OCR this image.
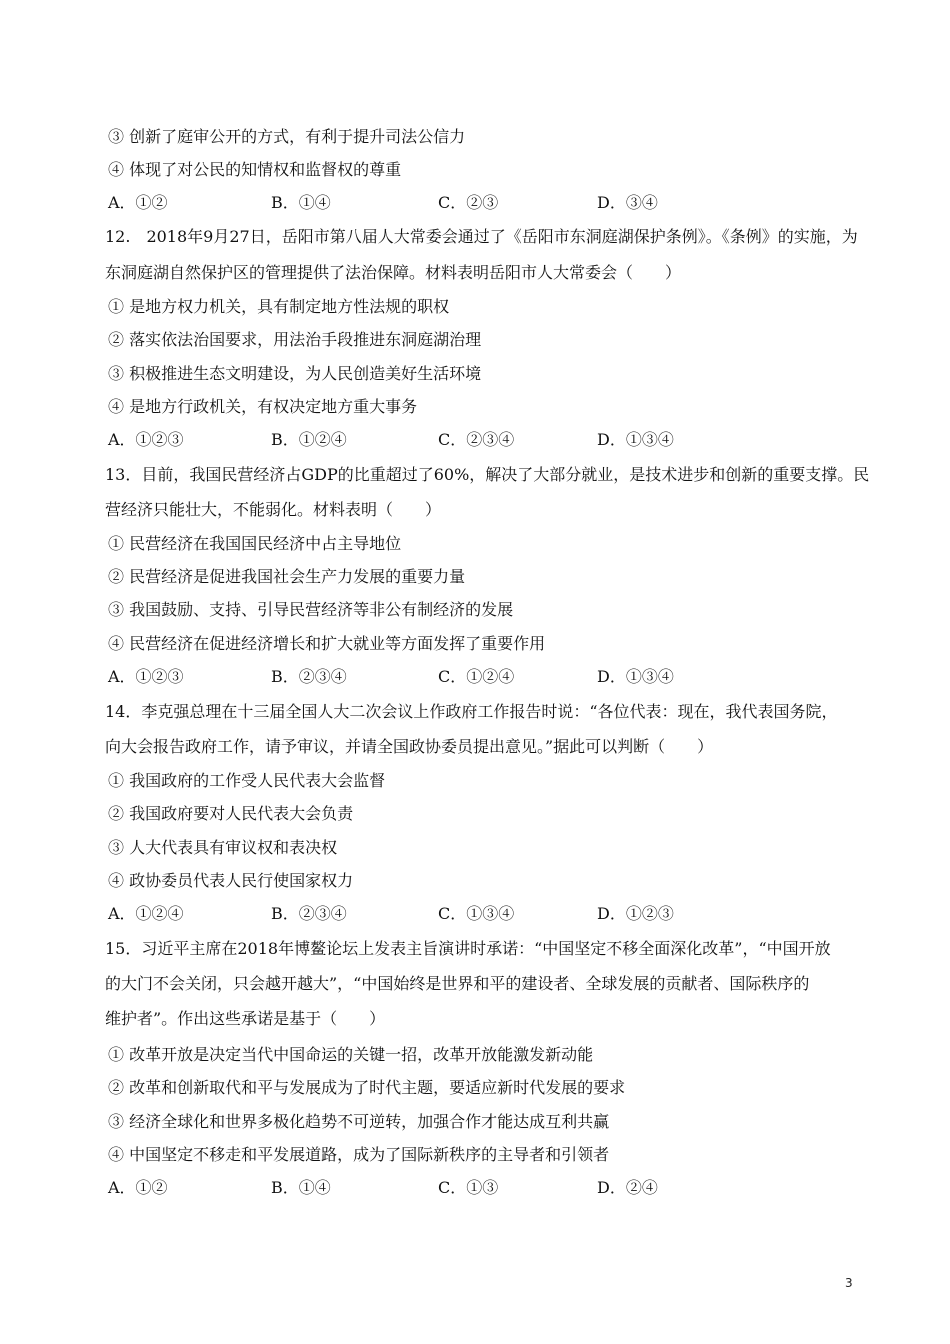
③ 创新了庭审公开的方式，有利于提升司法公信力
④ 体现了对公民的知情权和监督权的尊重
A．①②	B．①④	C．②③	D．③④
12.　2018年9月27日，岳阳市第八届人大常委会通过了《岳阳市东洞庭湖保护条例》。《条例》的实施，为
东洞庭湖自然保护区的管理提供了法治保障。材料表明岳阳市人大常委会（　　）
① 是地方权力机关，具有制定地方性法规的职权
② 落实依法治国要求，用法治手段推进东洞庭湖治理
③ 积极推进生态文明建设，为人民创造美好生活环境
④ 是地方行政机关，有权决定地方重大事务
A．①②③	B．①②④	C．②③④	D．①③④
13．目前，我国民营经济占GDP的比重超过了60%，解决了大部分就业，是技术进步和创新的重要支撑。民
营经济只能壮大，不能弱化。材料表明（　　）
① 民营经济在我国国民经济中占主导地位
② 民营经济是促进我国社会生产力发展的重要力量
③ 我国鼓励、支持、引导民营经济等非公有制经济的发展
④ 民营经济在促进经济增长和扩大就业等方面发挥了重要作用
A．①②③	B．②③④	C．①②④	D．①③④
14．李克强总理在十三届全国人大二次会议上作政府工作报告时说：“各位代表：现在，我代表国务院，
向大会报告政府工作，请予审议，并请全国政协委员提出意见。”据此可以判断（　　）
① 我国政府的工作受人民代表大会监督
② 我国政府要对人民代表大会负责
③ 人大代表具有审议权和表决权
④ 政协委员代表人民行使国家权力
A．①②④	B．②③④	C．①③④	D．①②③
15．习近平主席在2018年博鳌论坛上发表主旨演讲时承诺：“中国坚定不移全面深化改革”，“中国开放
的大门不会关闭，只会越开越大”，“中国始终是世界和平的建设者、全球发展的贡献者、国际秩序的
维护者”。作出这些承诺是基于（　　）
① 改革开放是决定当代中国命运的关键一招，改革开放能激发新动能
② 改革和创新取代和平与发展成为了时代主题，要适应新时代发展的要求
③ 经济全球化和世界多极化趋势不可逆转，加强合作才能达成互利共赢
④ 中国坚定不移走和平发展道路，成为了国际新秩序的主导者和引领者
A．①②	B．①④	C．①③	D．②④
3
